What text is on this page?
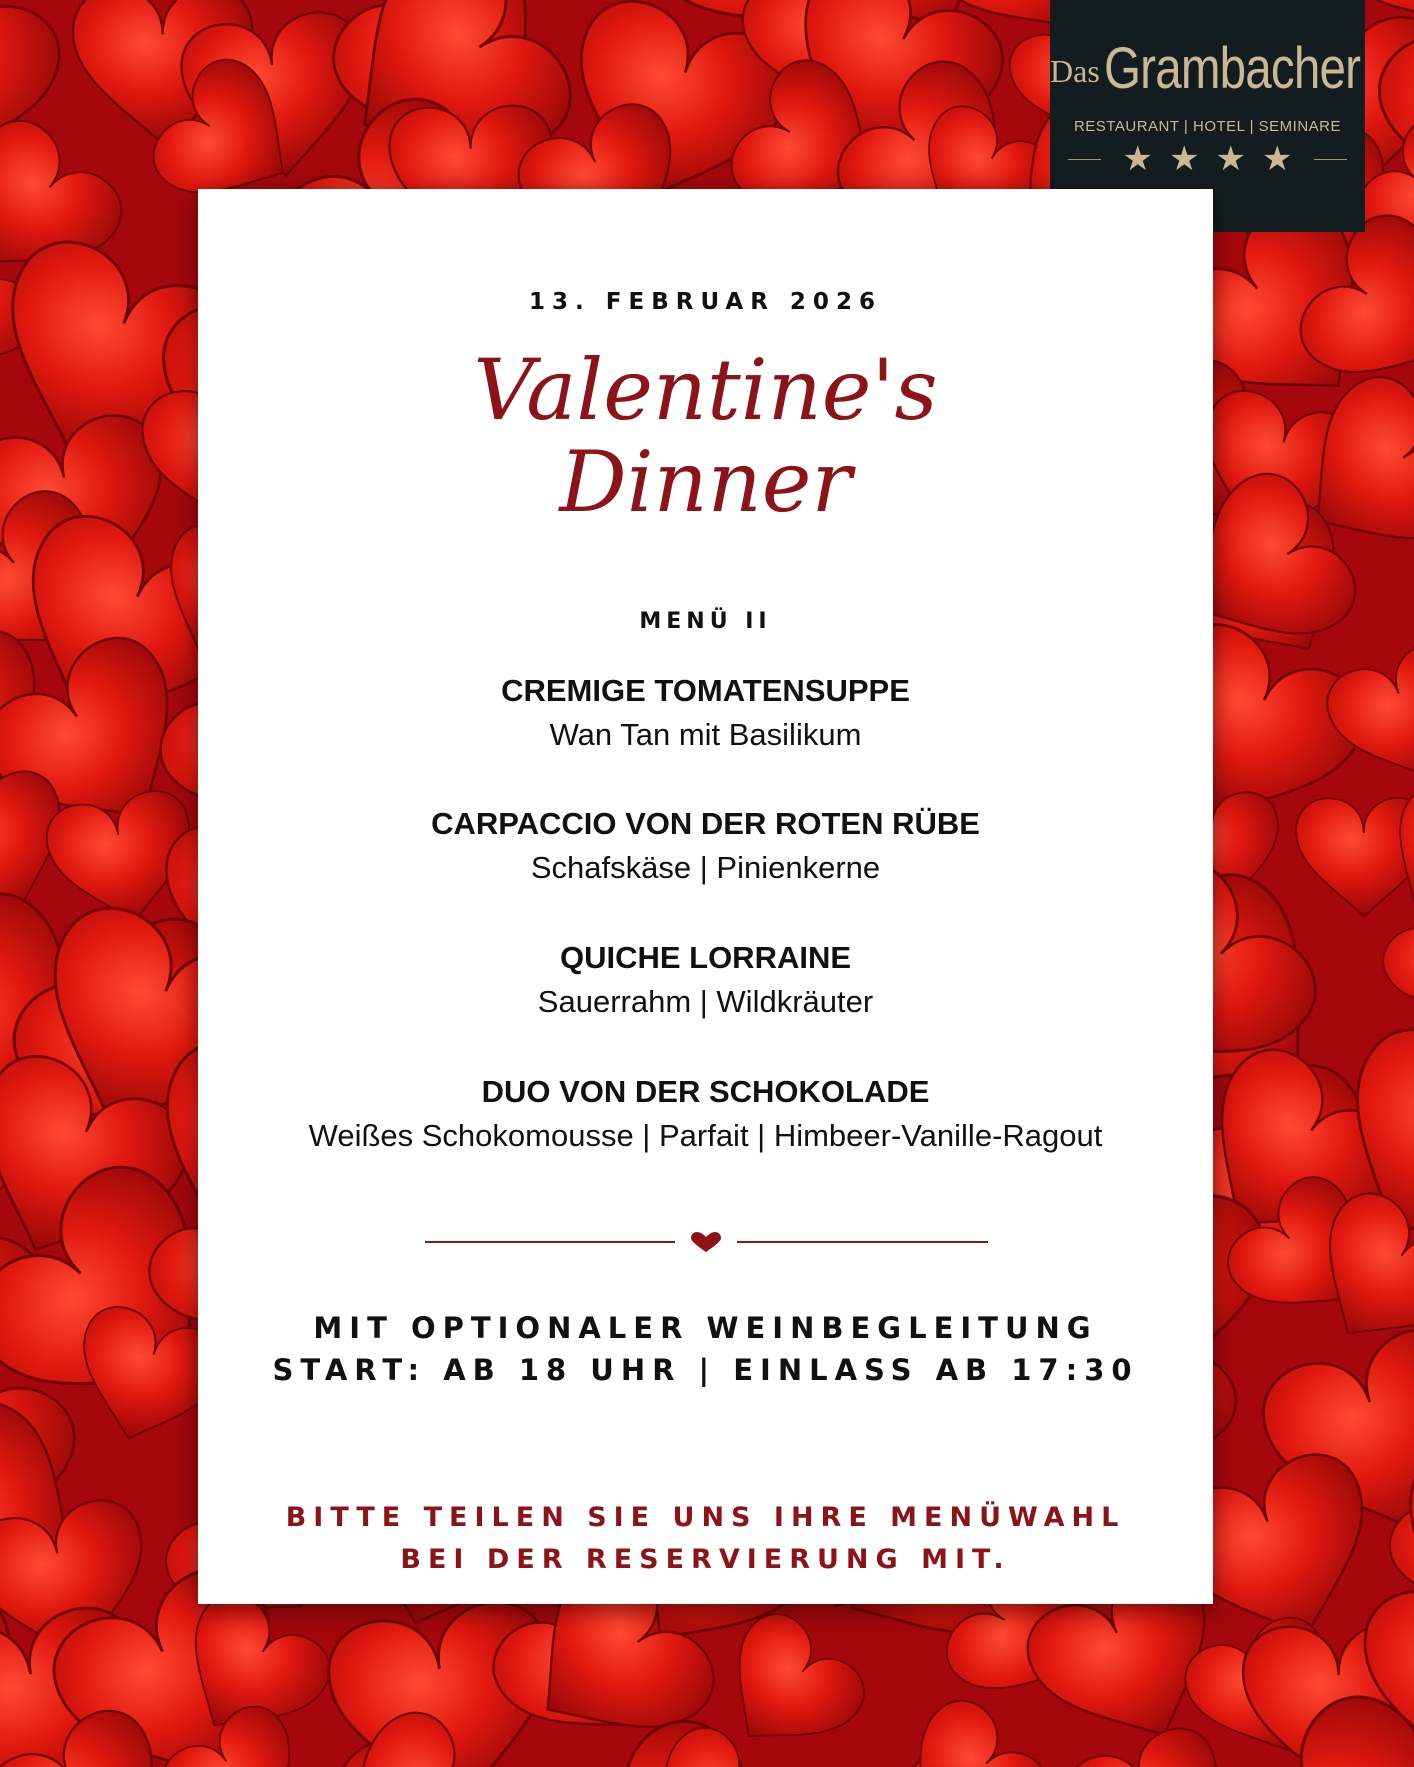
DasGrambacher
RESTAURANT | HOTEL | SEMINARE
★★★★
13. FEBRUAR 2026
Valentine's
Dinner
MENÜ II
CREMIGE TOMATENSUPPE
Wan Tan mit Basilikum
CARPACCIO VON DER ROTEN RÜBE
Schafskäse | Pinienkerne
QUICHE LORRAINE
Sauerrahm | Wildkräuter
DUO VON DER SCHOKOLADE
Weißes Schokomousse | Parfait | Himbeer-Vanille-Ragout
MIT OPTIONALER WEINBEGLEITUNG
START: AB 18 UHR | EINLASS AB 17:30
BITTE TEILEN SIE UNS IHRE MENÜWAHL
BEI DER RESERVIERUNG MIT.
